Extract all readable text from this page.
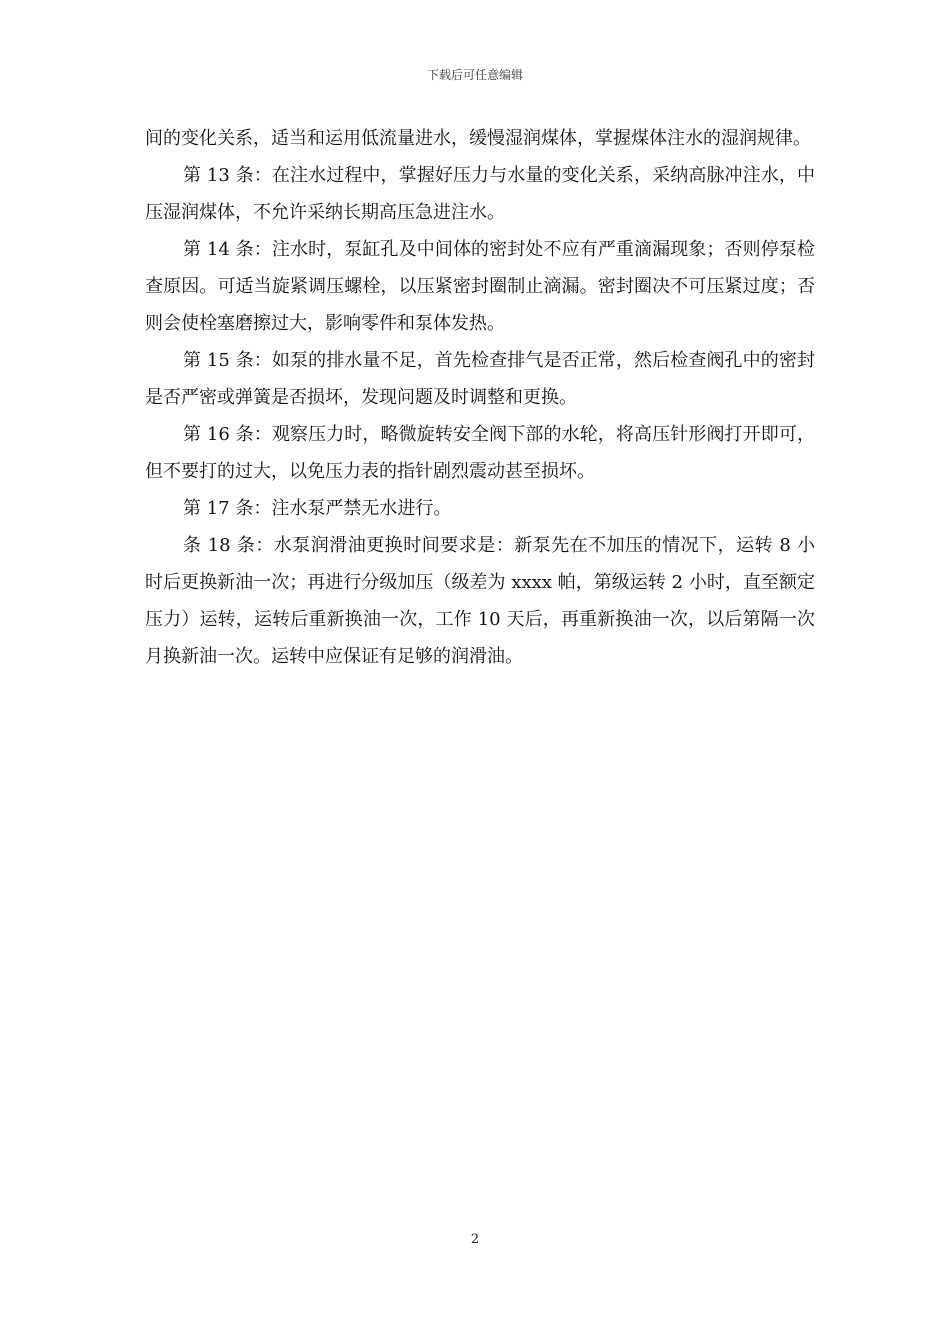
下载后可任意编辑

间的变化关系，适当和运用低流量进水，缓慢湿润煤体，掌握煤体注水的湿润规律。

第 13 条：在注水过程中，掌握好压力与水量的变化关系，采纳高脉冲注水，中压湿润煤体，不允许采纳长期高压急进注水。

第 14 条：注水时，泵缸孔及中间体的密封处不应有严重滴漏现象；否则停泵检查原因。可适当旋紧调压螺栓，以压紧密封圈制止滴漏。密封圈决不可压紧过度；否则会使栓塞磨擦过大，影响零件和泵体发热。

第 15 条：如泵的排水量不足，首先检查排气是否正常，然后检查阀孔中的密封是否严密或弹簧是否损坏，发现问题及时调整和更换。

第 16 条：观察压力时，略微旋转安全阀下部的水轮，将高压针形阀打开即可，但不要打的过大，以免压力表的指针剧烈震动甚至损坏。

第 17 条：注水泵严禁无水进行。

条 18 条：水泵润滑油更换时间要求是：新泵先在不加压的情况下，运转 8 小时后更换新油一次；再进行分级加压（级差为 xxxx 帕，第级运转 2 小时，直至额定压力）运转，运转后重新换油一次，工作 10 天后，再重新换油一次，以后第隔一次月换新油一次。运转中应保证有足够的润滑油。

2
